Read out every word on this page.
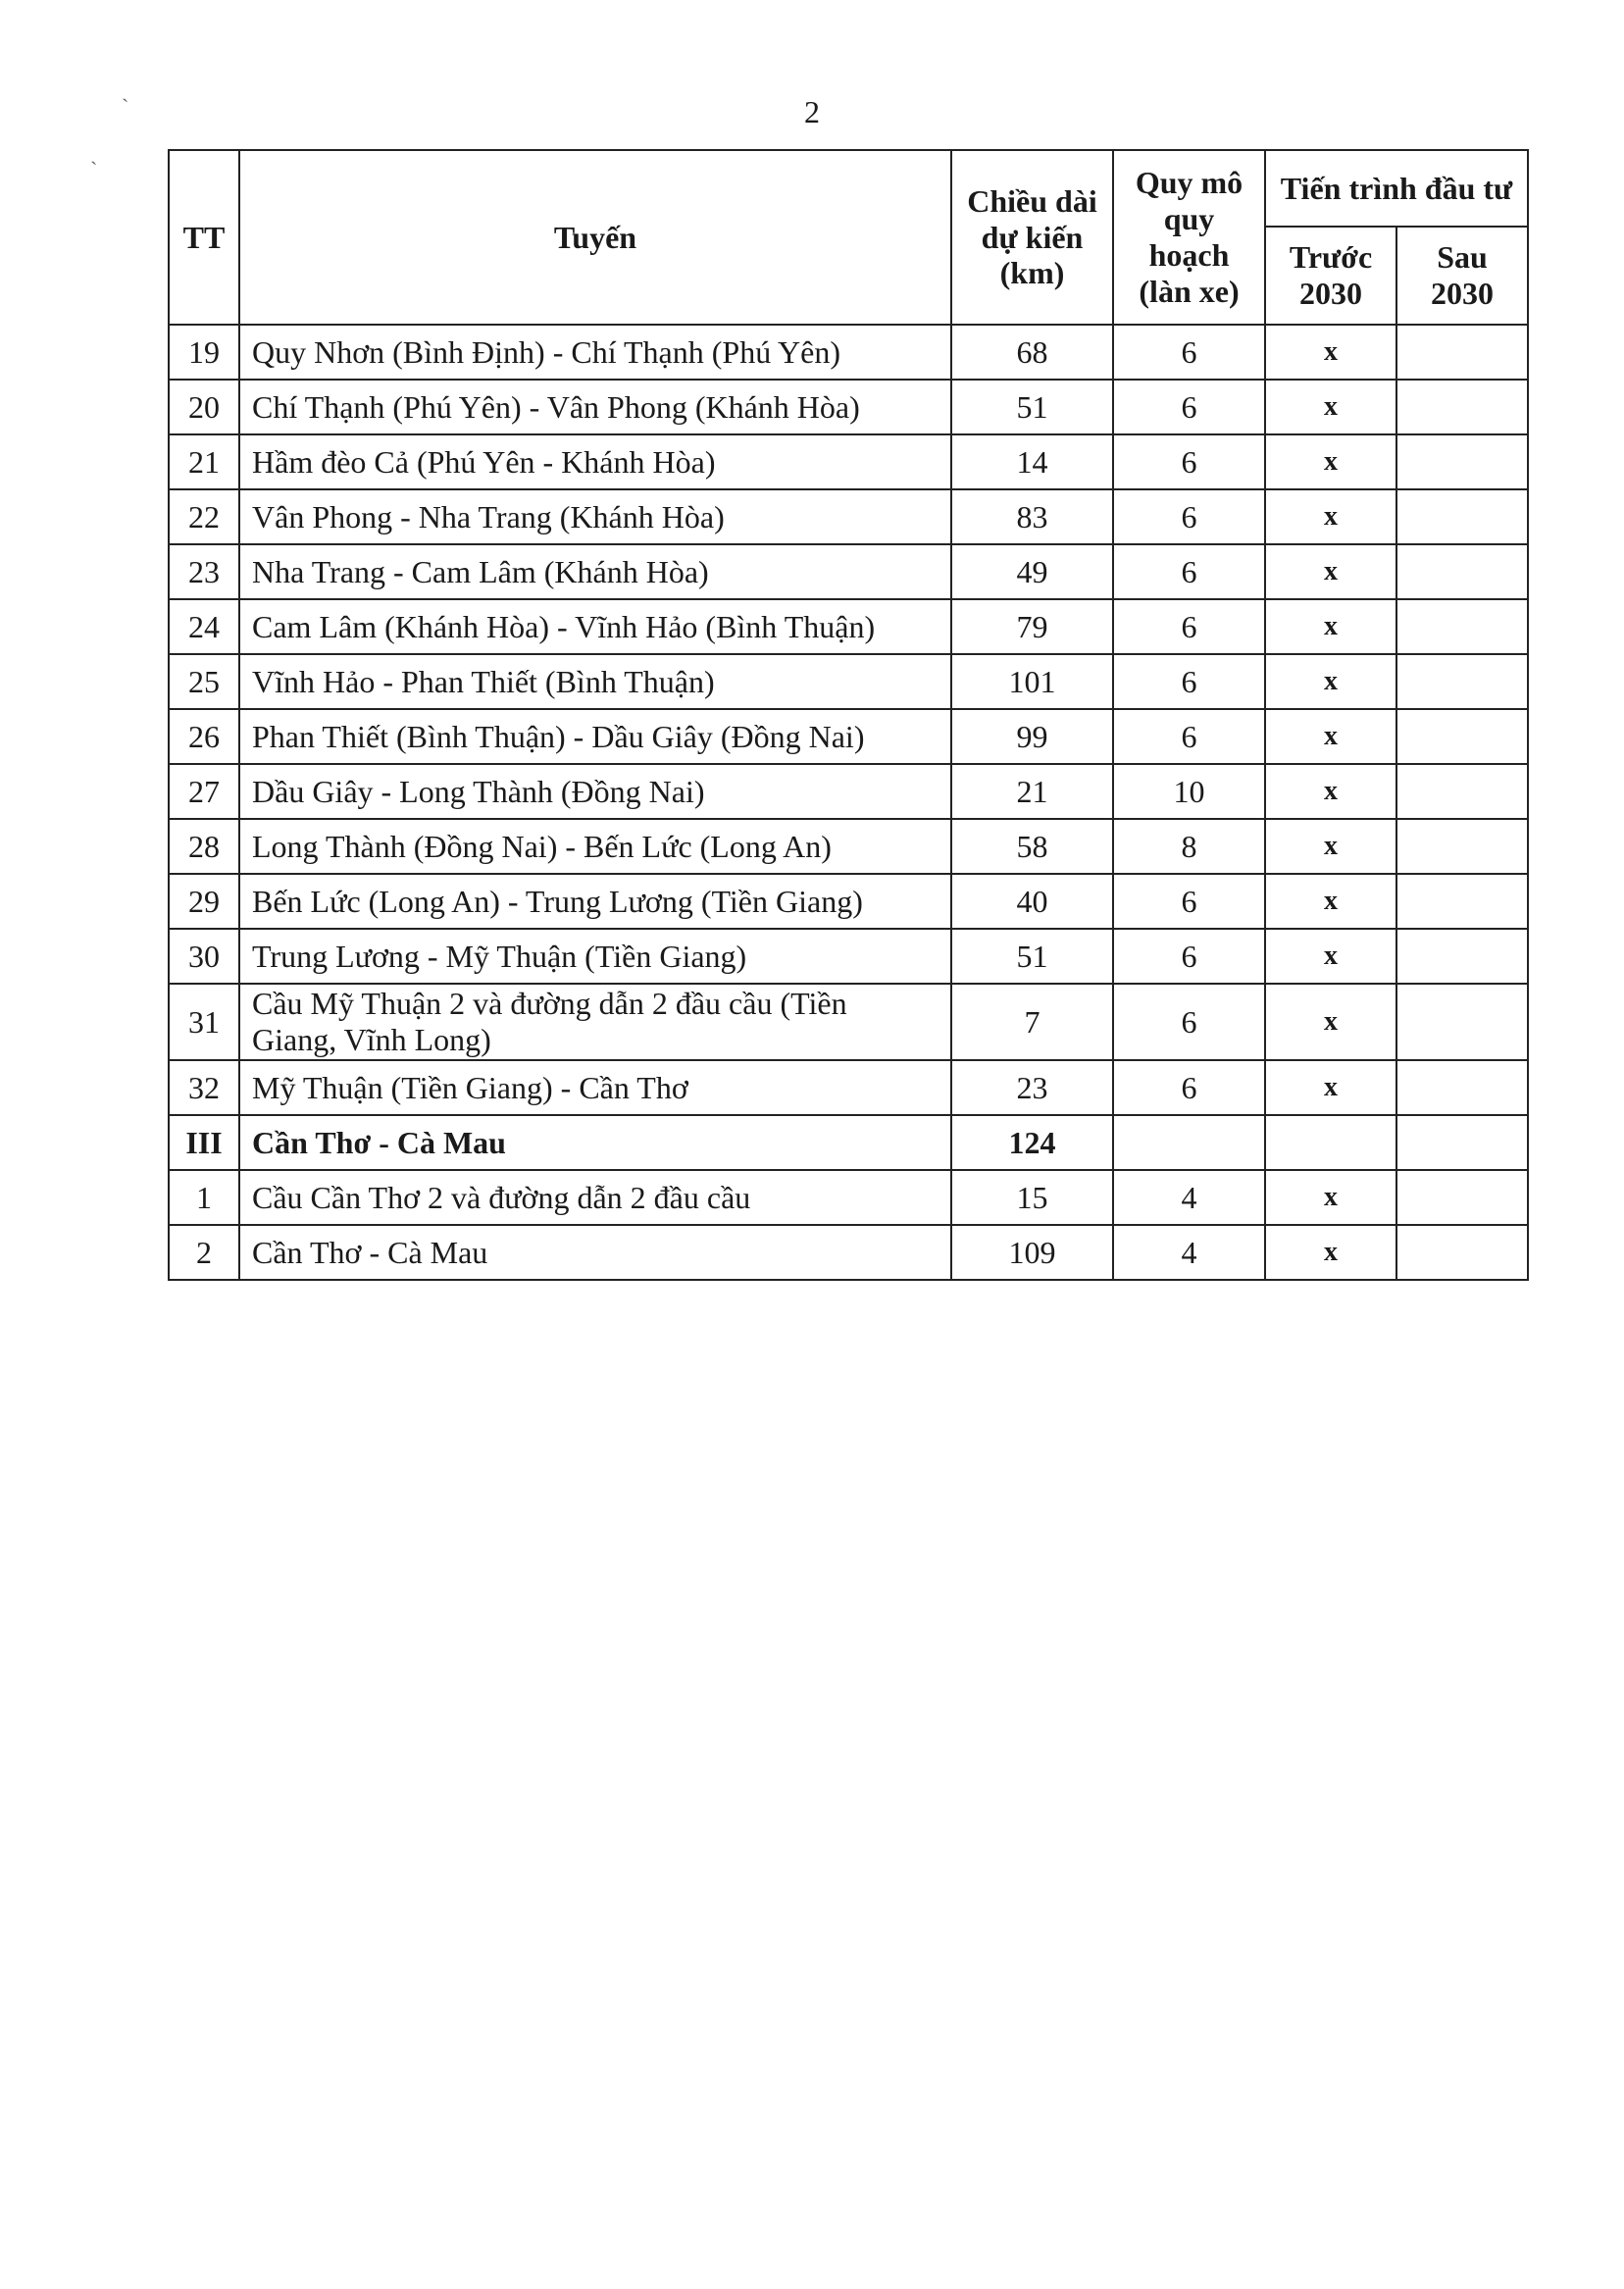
2
`
`
TT	Tuyến	Chiều dài dự kiến (km)	Quy mô quy hoạch (làn xe)	Tiến trình đầu tư	
				Trước 2030	Sau 2030
19	Quy Nhơn (Bình Định) - Chí Thạnh (Phú Yên)	68	6	x	
20	Chí Thạnh (Phú Yên) - Vân Phong (Khánh Hòa)	51	6	x	
21	Hầm đèo Cả (Phú Yên - Khánh Hòa)	14	6	x	
22	Vân Phong - Nha Trang (Khánh Hòa)	83	6	x	
23	Nha Trang - Cam Lâm (Khánh Hòa)	49	6	x	
24	Cam Lâm (Khánh Hòa) - Vĩnh Hảo (Bình Thuận)	79	6	x	
25	Vĩnh Hảo - Phan Thiết (Bình Thuận)	101	6	x	
26	Phan Thiết (Bình Thuận) - Dầu Giây (Đồng Nai)	99	6	x	
27	Dầu Giây - Long Thành (Đồng Nai)	21	10	x	
28	Long Thành (Đồng Nai) - Bến Lức (Long An)	58	8	x	
29	Bến Lức (Long An) - Trung Lương (Tiền Giang)	40	6	x	
30	Trung Lương - Mỹ Thuận (Tiền Giang)	51	6	x	
31	Cầu Mỹ Thuận 2 và đường dẫn 2 đầu cầu (Tiền Giang, Vĩnh Long)	7	6	x	
32	Mỹ Thuận (Tiền Giang) - Cần Thơ	23	6	x	
III	Cần Thơ - Cà Mau	124			
1	Cầu Cần Thơ 2 và đường dẫn 2 đầu cầu	15	4	x	
2	Cần Thơ - Cà Mau	109	4	x	
